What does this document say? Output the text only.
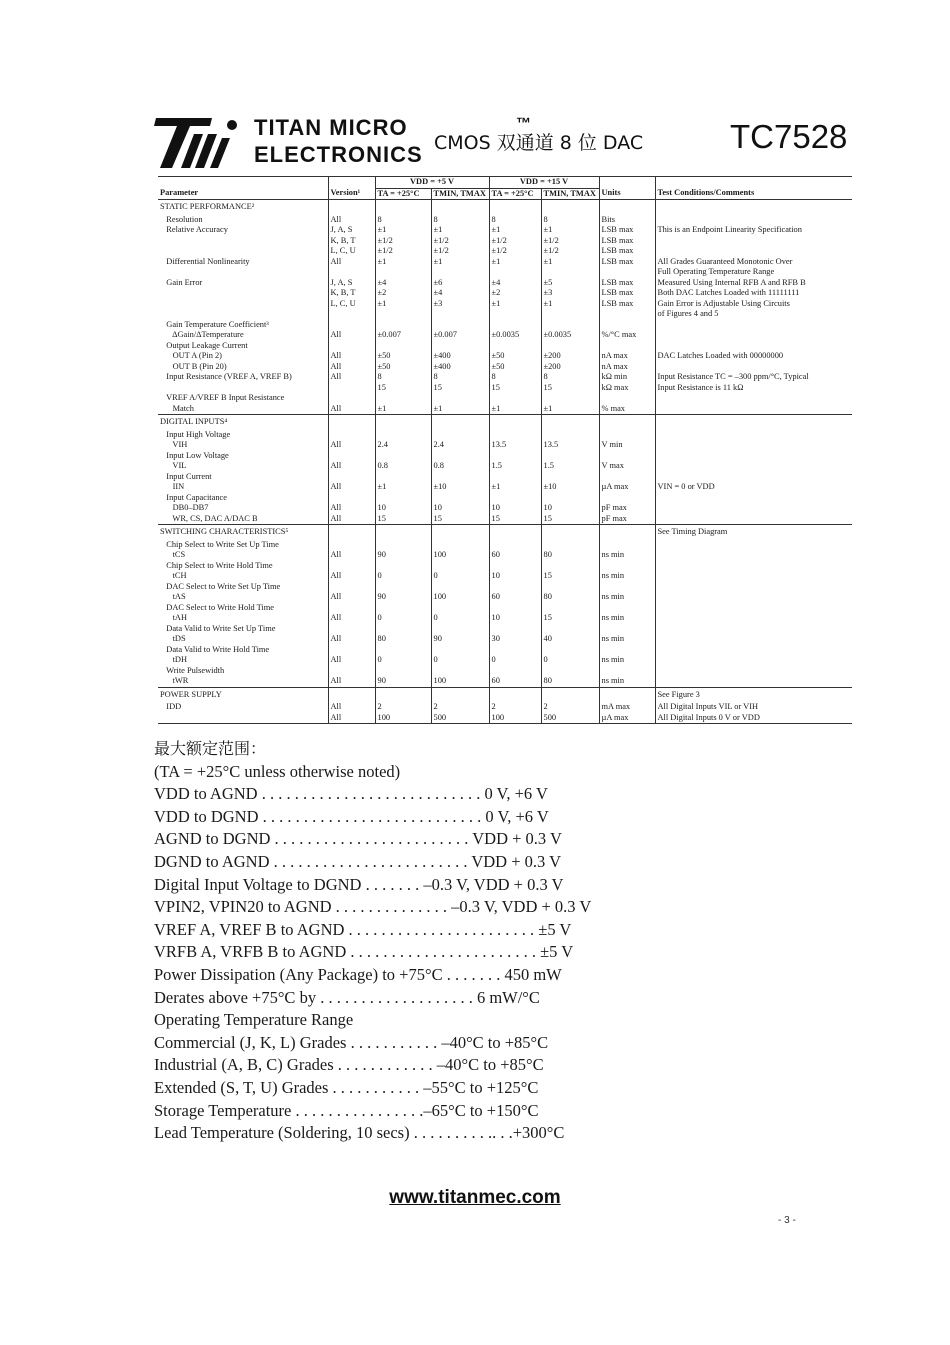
TITAN MICRO
ELECTRONICS
™
CMOS 双通道 8 位 DAC	TC7528
		VDD = +5 V		VDD = +15 V			
Parameter	Version¹	TA = +25°C	TMIN, TMAX	TA = +25°C	TMIN, TMAX	Units	Test Conditions/Comments
STATIC PERFORMANCE²							
Resolution	All	8	8	8	8	Bits	
Relative Accuracy	J, A, S	±1	±1	±1	±1	LSB max	This is an Endpoint Linearity Specification
	K, B, T	±1/2	±1/2	±1/2	±1/2	LSB max	
	L, C, U	±1/2	±1/2	±1/2	±1/2	LSB max	
Differential Nonlinearity	All	±1	±1	±1	±1	LSB max	All Grades Guaranteed Monotonic Over
							Full Operating Temperature Range
Gain Error	J, A, S	±4	±6	±4	±5	LSB max	Measured Using Internal RFB A and RFB B
	K, B, T	±2	±4	±2	±3	LSB max	Both DAC Latches Loaded with 11111111
	L, C, U	±1	±3	±1	±1	LSB max	Gain Error is Adjustable Using Circuits
							of Figures 4 and 5
Gain Temperature Coefficient³							
ΔGain/ΔTemperature	All	±0.007	±0.007	±0.0035	±0.0035	%/°C max	
Output Leakage Current							
OUT A (Pin 2)	All	±50	±400	±50	±200	nA max	DAC Latches Loaded with 00000000
OUT B (Pin 20)	All	±50	±400	±50	±200	nA max	
Input Resistance (VREF A, VREF B)	All	8	8	8	8	kΩ min	Input Resistance TC = –300 ppm/°C, Typical
		15	15	15	15	kΩ max	Input Resistance is 11 kΩ
VREF A/VREF B Input Resistance							
Match	All	±1	±1	±1	±1	% max	
DIGITAL INPUTS⁴							
Input High Voltage							
VIH	All	2.4	2.4	13.5	13.5	V min	
Input Low Voltage							
VIL	All	0.8	0.8	1.5	1.5	V max	
Input Current							
IIN	All	±1	±10	±1	±10	µA max	VIN = 0 or VDD
Input Capacitance							
DB0–DB7	All	10	10	10	10	pF max	
WR, CS, DAC A/DAC B	All	15	15	15	15	pF max	
SWITCHING CHARACTERISTICS⁵							See Timing Diagram
Chip Select to Write Set Up Time							
tCS	All	90	100	60	80	ns min	
Chip Select to Write Hold Time							
tCH	All	0	0	10	15	ns min	
DAC Select to Write Set Up Time							
tAS	All	90	100	60	80	ns min	
DAC Select to Write Hold Time							
tAH	All	0	0	10	15	ns min	
Data Valid to Write Set Up Time							
tDS	All	80	90	30	40	ns min	
Data Valid to Write Hold Time							
tDH	All	0	0	0	0	ns min	
Write Pulsewidth							
tWR	All	90	100	60	80	ns min	
POWER SUPPLY							See Figure 3
IDD	All	2	2	2	2	mA max	All Digital Inputs VIL or VIH
	All	100	500	100	500	µA max	All Digital Inputs 0 V or VDD
最大额定范围：
(TA = +25°C unless otherwise noted)
VDD to AGND . . . . . . . . . . . . . . . . . . . . . . . . . . . 0 V, +6 V
VDD to DGND . . . . . . . . . . . . . . . . . . . . . . . . . . . 0 V, +6 V
AGND to DGND . . . . . . . . . . . . . . . . . . . . . . . . VDD + 0.3 V
DGND to AGND . . . . . . . . . . . . . . . . . . . . . . . . VDD + 0.3 V
Digital Input Voltage to DGND . . . . . . . –0.3 V, VDD + 0.3 V
VPIN2, VPIN20 to AGND . . . . . . . . . . . . . . –0.3 V, VDD + 0.3 V
VREF A, VREF B to AGND . . . . . . . . . . . . . . . . . . . . . . . ±5 V
VRFB A, VRFB B to AGND . . . . . . . . . . . . . . . . . . . . . . . ±5 V
Power Dissipation (Any Package) to +75°C . . . . . . . 450 mW
Derates above +75°C by . . . . . . . . . . . . . . . . . . . 6 mW/°C
Operating Temperature Range
Commercial (J, K, L) Grades . . . . . . . . . . . –40°C to +85°C
Industrial (A, B, C) Grades . . . . . . . . . . . . –40°C to +85°C
Extended (S, T, U) Grades . . . . . . . . . . . –55°C to +125°C
Storage Temperature . . . . . . . . . . . . . . . .–65°C to +150°C
Lead Temperature (Soldering, 10 secs) . . . . . . . . . .. . .+300°C
www.titanmec.com
- 3 -
